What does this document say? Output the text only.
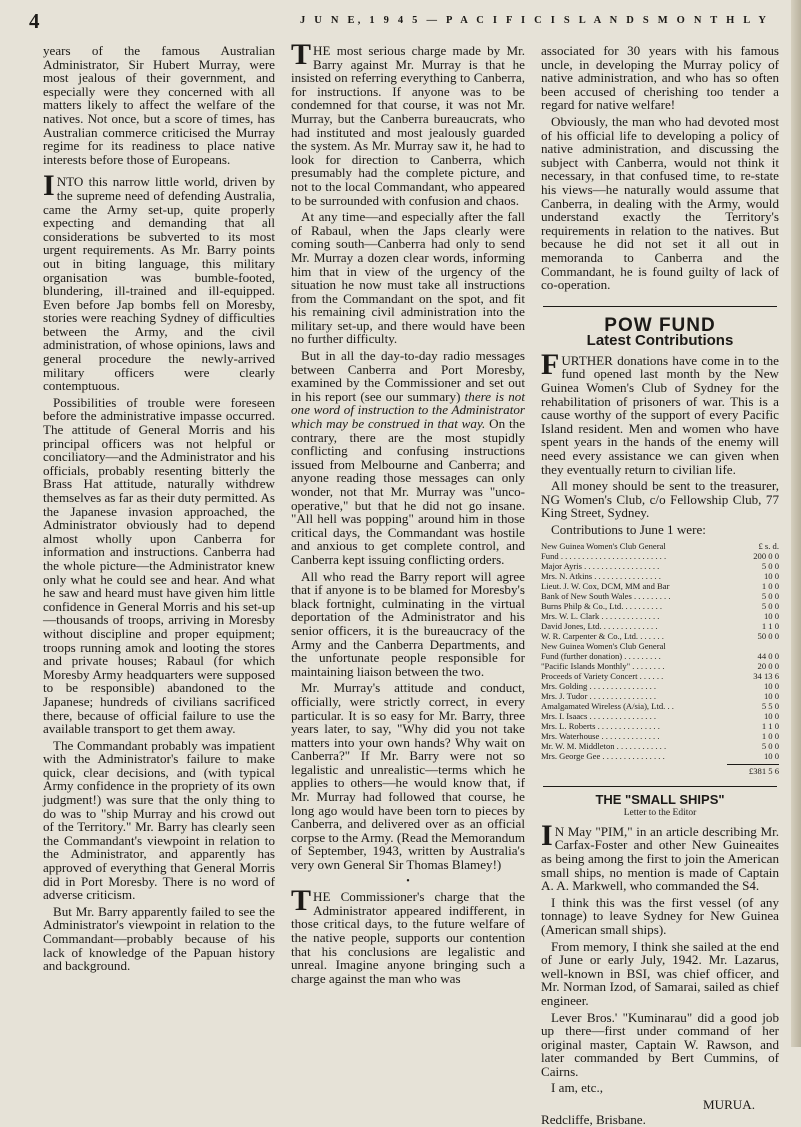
4	J U N E, 1 9 4 5 — P A C I F I C I S L A N D S M O N T H L Y

years of the famous Australian Administrator, Sir Hubert Murray, were most jealous of their government, and especially were they concerned with all matters likely to affect the welfare of the natives. Not once, but a score of times, has Australian commerce criticised the Murray regime for its readiness to place native interests before those of Europeans.

INTO this narrow little world, driven by the supreme need of defending Australia, came the Army set-up, quite properly expecting and demanding that all considerations be subverted to its most urgent requirements. As Mr. Barry points out in biting language, this military organisation was bumble-footed, blundering, ill-trained and ill-equipped. Even before Jap bombs fell on Moresby, stories were reaching Sydney of difficulties between the Army, and the civil administration, of whose opinions, laws and general procedure the newly-arrived military officers were clearly contemptuous.

Possibilities of trouble were foreseen before the administrative impasse occurred. The attitude of General Morris and his principal officers was not helpful or conciliatory—and the Administrator and his officials, probably resenting bitterly the Brass Hat attitude, naturally withdrew themselves as far as their duty permitted. As the Japanese invasion approached, the Administrator obviously had to depend almost wholly upon Canberra for information and instructions. Canberra had the whole picture—the Administrator knew only what he could see and hear. And what he saw and heard must have given him little confidence in General Morris and his set-up—thousands of troops, arriving in Moresby without discipline and proper equipment; troops running amok and looting the stores and private houses; Rabaul (for which Moresby Army headquarters were supposed to be responsible) abandoned to the Japanese; hundreds of civilians sacrificed there, because of official failure to use the available transport to get them away.

The Commandant probably was impatient with the Administrator's failure to make quick, clear decisions, and (with typical Army confidence in the propriety of its own judgment!) was sure that the only thing to do was to "ship Murray and his crowd out of the Territory." Mr. Barry has clearly seen the Commandant's viewpoint in relation to the Administrator, and apparently has approved of everything that General Morris did in Port Moresby. There is no word of adverse criticism.

But Mr. Barry apparently failed to see the Administrator's viewpoint in relation to the Commandant—probably because of his lack of knowledge of the Papuan history and background.

THE most serious charge made by Mr. Barry against Mr. Murray is that he insisted on referring everything to Canberra, for instructions. If anyone was to be condemned for that course, it was not Mr. Murray, but the Canberra bureaucrats, who had instituted and most jealously guarded the system. As Mr. Murray saw it, he had to look for direction to Canberra, which presumably had the complete picture, and not to the local Commandant, who appeared to be surrounded with confusion and chaos.

At any time—and especially after the fall of Rabaul, when the Japs clearly were coming south—Canberra had only to send Mr. Murray a dozen clear words, informing him that in view of the urgency of the situation he now must take all instructions from the Commandant on the spot, and fit his remaining civil administration into the military set-up, and there would have been no further difficulty.

But in all the day-to-day radio messages between Canberra and Port Moresby, examined by the Commissioner and set out in his report (see our summary) there is not one word of instruction to the Administrator which may be construed in that way. On the contrary, there are the most stupidly conflicting and confusing instructions issued from Melbourne and Canberra; and anyone reading those messages can only wonder, not that Mr. Murray was "unco-operative," but that he did not go insane. "All hell was popping" around him in those critical days, the Commandant was hostile and anxious to get complete control, and Canberra kept issuing conflicting orders.

All who read the Barry report will agree that if anyone is to be blamed for Moresby's black fortnight, culminating in the virtual deportation of the Administrator and his senior officers, it is the bureaucracy of the Army and the Canberra Departments, and the unfortunate people responsible for maintaining liaison between the two.

Mr. Murray's attitude and conduct, officially, were strictly correct, in every particular. It is so easy for Mr. Barry, three years later, to say, "Why did you not take matters into your own hands? Why wait on Canberra?" If Mr. Barry were not so legalistic and unrealistic—terms which he applies to others—he would know that, if Mr. Murray had followed that course, he long ago would have been torn to pieces by Canberra, and delivered over as an official corpse to the Army. (Read the Memorandum of September, 1943, written by Australia's very own General Sir Thomas Blamey!)

•

THE Commissioner's charge that the Administrator appeared indifferent, in those critical days, to the future welfare of the native people, supports our contention that his conclusions are legalistic and unreal. Imagine anyone bringing such a charge against the man who was

associated for 30 years with his famous uncle, in developing the Murray policy of native administration, and who has so often been accused of cherishing too tender a regard for native welfare!

Obviously, the man who had devoted most of his official life to developing a policy of native administration, and discussing the subject with Canberra, would not think it necessary, in that confused time, to re-state his views—he naturally would assume that Canberra, in dealing with the Army, would understand exactly the Territory's requirements in relation to the natives. But because he did not set it all out in memoranda to Canberra and the Commandant, he is found guilty of lack of co-operation.

POW FUND
Latest Contributions

FURTHER donations have come in to the fund opened last month by the New Guinea Women's Club of Sydney for the rehabilitation of prisoners of war. This is a cause worthy of the support of every Pacific Island resident. Men and women who have spent years in the hands of the enemy will need every assistance we can given when they eventually return to civilian life.

All money should be sent to the treasurer, NG Women's Club, c/o Fellowship Club, 77 King Street, Sydney.

Contributions to June 1 were:

New Guinea Women's Club General	£ s. d.
Fund . . . . . . . . . . . . . . . . . . . . . . . . .	200 0 0
Major Ayris . . . . . . . . . . . . . . . . . .	5 0 0
Mrs. N. Atkins . . . . . . . . . . . . . . . .	10 0
Lieut. J. W. Cox, DCM, MM and Bar	1 0 0
Bank of New South Wales . . . . . . . . .	5 0 0
Burns Philp & Co., Ltd. . . . . . . . . .	5 0 0
Mrs. W. L. Clark . . . . . . . . . . . . . .	10 0
David Jones, Ltd. . . . . . . . . . . . . .	1 1 0
W. R. Carpenter & Co., Ltd. . . . . . .	50 0 0
New Guinea Women's Club General
Fund (further donation) . . . . . . . . .	44 0 0
"Pacific Islands Monthly" . . . . . . . .	20 0 0
Proceeds of Variety Concert . . . . . .	34 13 6
Mrs. Golding . . . . . . . . . . . . . . . .	10 0
Mrs. J. Tudor . . . . . . . . . . . . . . . .	10 0
Amalgamated Wireless (A/sia), Ltd. . .	5 5 0
Mrs. I. Isaacs . . . . . . . . . . . . . . . .	10 0
Mrs. L. Roberts . . . . . . . . . . . . . . .	1 1 0
Mrs. Waterhouse . . . . . . . . . . . . . .	1 0 0
Mr. W. M. Middleton . . . . . . . . . . . .	5 0 0
Mrs. George Gee . . . . . . . . . . . . . . .	10 0
£381 5 6
THE "SMALL SHIPS"
Letter to the Editor

IN May "PIM," in an article describing Mr. Carfax-Foster and other New Guineaites as being among the first to join the American small ships, no mention is made of Captain A. A. Markwell, who commanded the S4.

I think this was the first vessel (of any tonnage) to leave Sydney for New Guinea (American small ships).

From memory, I think she sailed at the end of June or early July, 1942. Mr. Lazarus, well-known in BSI, was chief officer, and Mr. Norman Izod, of Samarai, sailed as chief engineer.

Lever Bros.' "Kuminarau" did a good job up there—first under command of her original master, Captain W. Rawson, and later commanded by Bert Cummins, of Cairns.

I am, etc.,

MURUA.
Redcliffe, Brisbane.
